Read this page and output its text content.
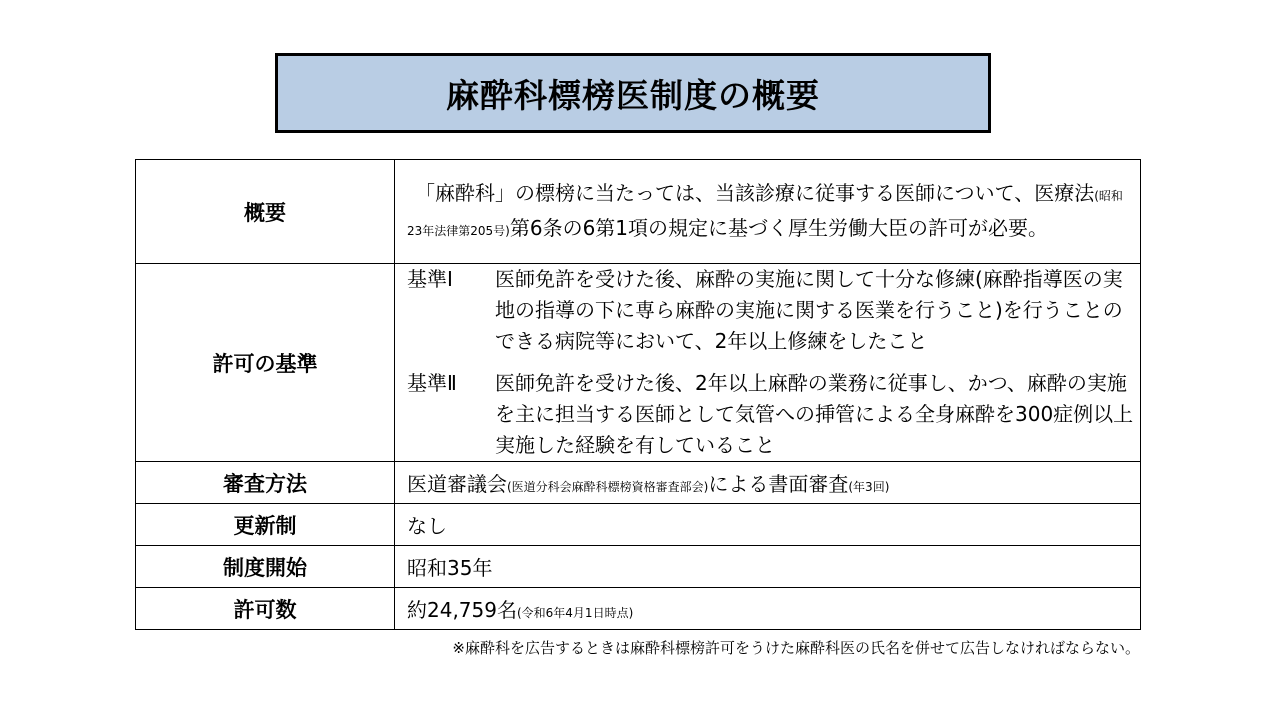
麻酔科標榜医制度の概要
概要	「麻酔科」の標榜に当たっては、当該診療に従事する医師について、医療法(昭和23年法律第205号)第6条の6第1項の規定に基づく厚生労働大臣の許可が必要。

許可の基準	基準Ⅰ 医師免許を受けた後、麻酔の実施に関して十分な修練(麻酔指導医の実地の指導の下に専ら麻酔の実施に関する医業を行うこと)を行うことのできる病院等において、2年以上修練をしたこと
基準Ⅱ 医師免許を受けた後、2年以上麻酔の業務に従事し、かつ、麻酔の実施を主に担当する医師として気管への挿管による全身麻酔を300症例以上実施した経験を有していること

審査方法	医道審議会(医道分科会麻酔科標榜資格審査部会)による書面審査(年3回)
更新制	なし
制度開始	昭和35年
許可数	約24,759名(令和6年4月1日時点)
※麻酔科を広告するときは麻酔科標榜許可をうけた麻酔科医の氏名を併せて広告しなければならない。
